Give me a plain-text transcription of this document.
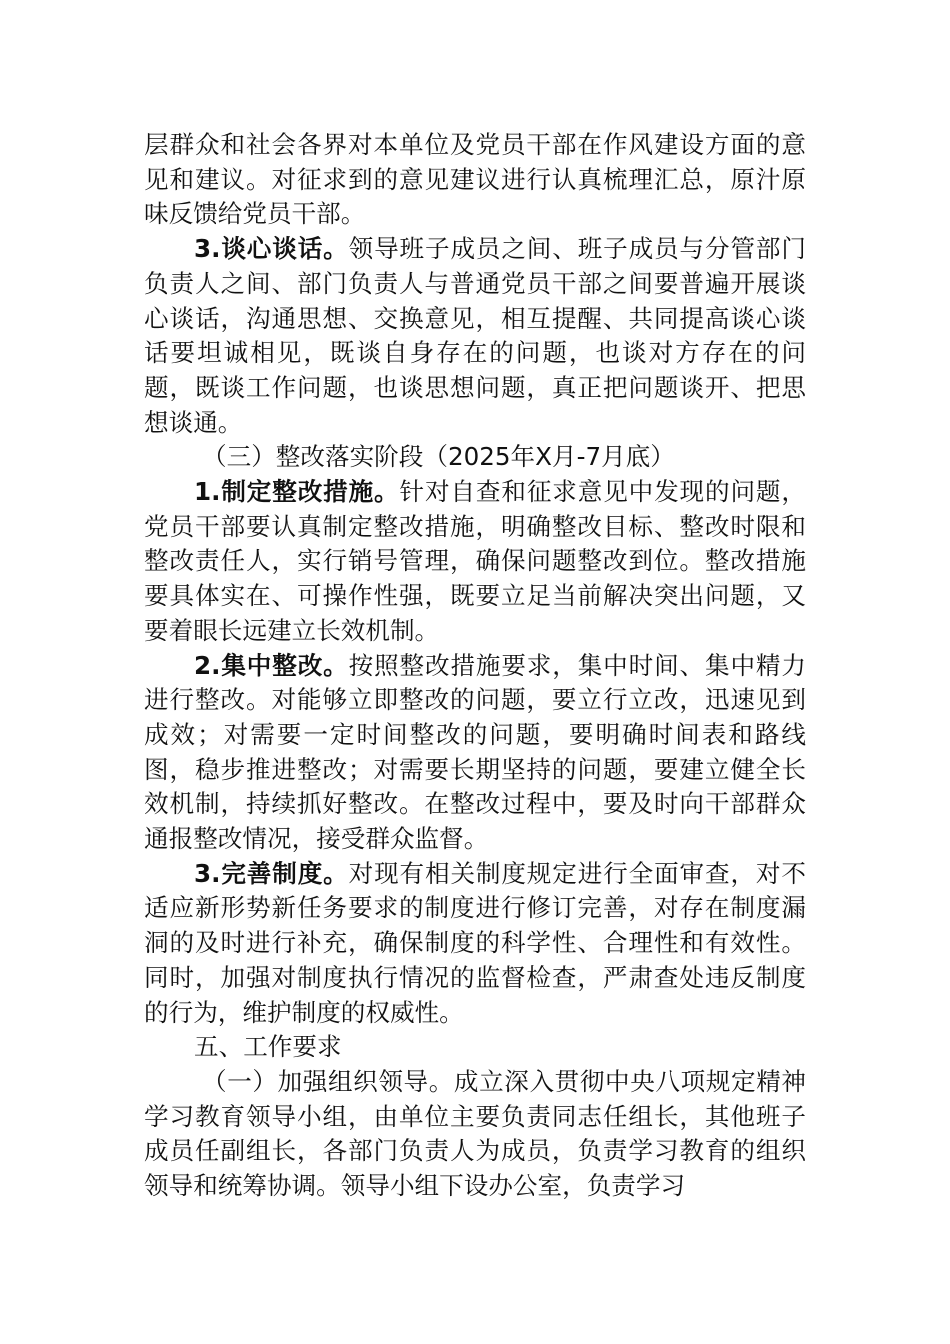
层群众和社会各界对本单位及党员干部在作风建设方面的意见和建议。对征求到的意见建议进行认真梳理汇总，原汁原味反馈给党员干部。

3.谈心谈话。领导班子成员之间、班子成员与分管部门负责人之间、部门负责人与普通党员干部之间要普遍开展谈心谈话，沟通思想、交换意见，相互提醒、共同提高谈心谈话要坦诚相见，既谈自身存在的问题，也谈对方存在的问题，既谈工作问题，也谈思想问题，真正把问题谈开、把思想谈通。

（三）整改落实阶段（2025年X月-7月底）

1.制定整改措施。针对自查和征求意见中发现的问题，党员干部要认真制定整改措施，明确整改目标、整改时限和整改责任人，实行销号管理，确保问题整改到位。整改措施要具体实在、可操作性强，既要立足当前解决突出问题，又要着眼长远建立长效机制。

2.集中整改。按照整改措施要求，集中时间、集中精力进行整改。对能够立即整改的问题，要立行立改，迅速见到成效；对需要一定时间整改的问题，要明确时间表和路线图，稳步推进整改；对需要长期坚持的问题，要建立健全长效机制，持续抓好整改。在整改过程中，要及时向干部群众通报整改情况，接受群众监督。

3.完善制度。对现有相关制度规定进行全面审查，对不适应新形势新任务要求的制度进行修订完善，对存在制度漏洞的及时进行补充，确保制度的科学性、合理性和有效性。同时，加强对制度执行情况的监督检查，严肃查处违反制度的行为，维护制度的权威性。

五、工作要求

（一）加强组织领导。成立深入贯彻中央八项规定精神学习教育领导小组，由单位主要负责同志任组长，其他班子成员任副组长，各部门负责人为成员，负责学习教育的组织领导和统筹协调。领导小组下设办公室，负责学习
